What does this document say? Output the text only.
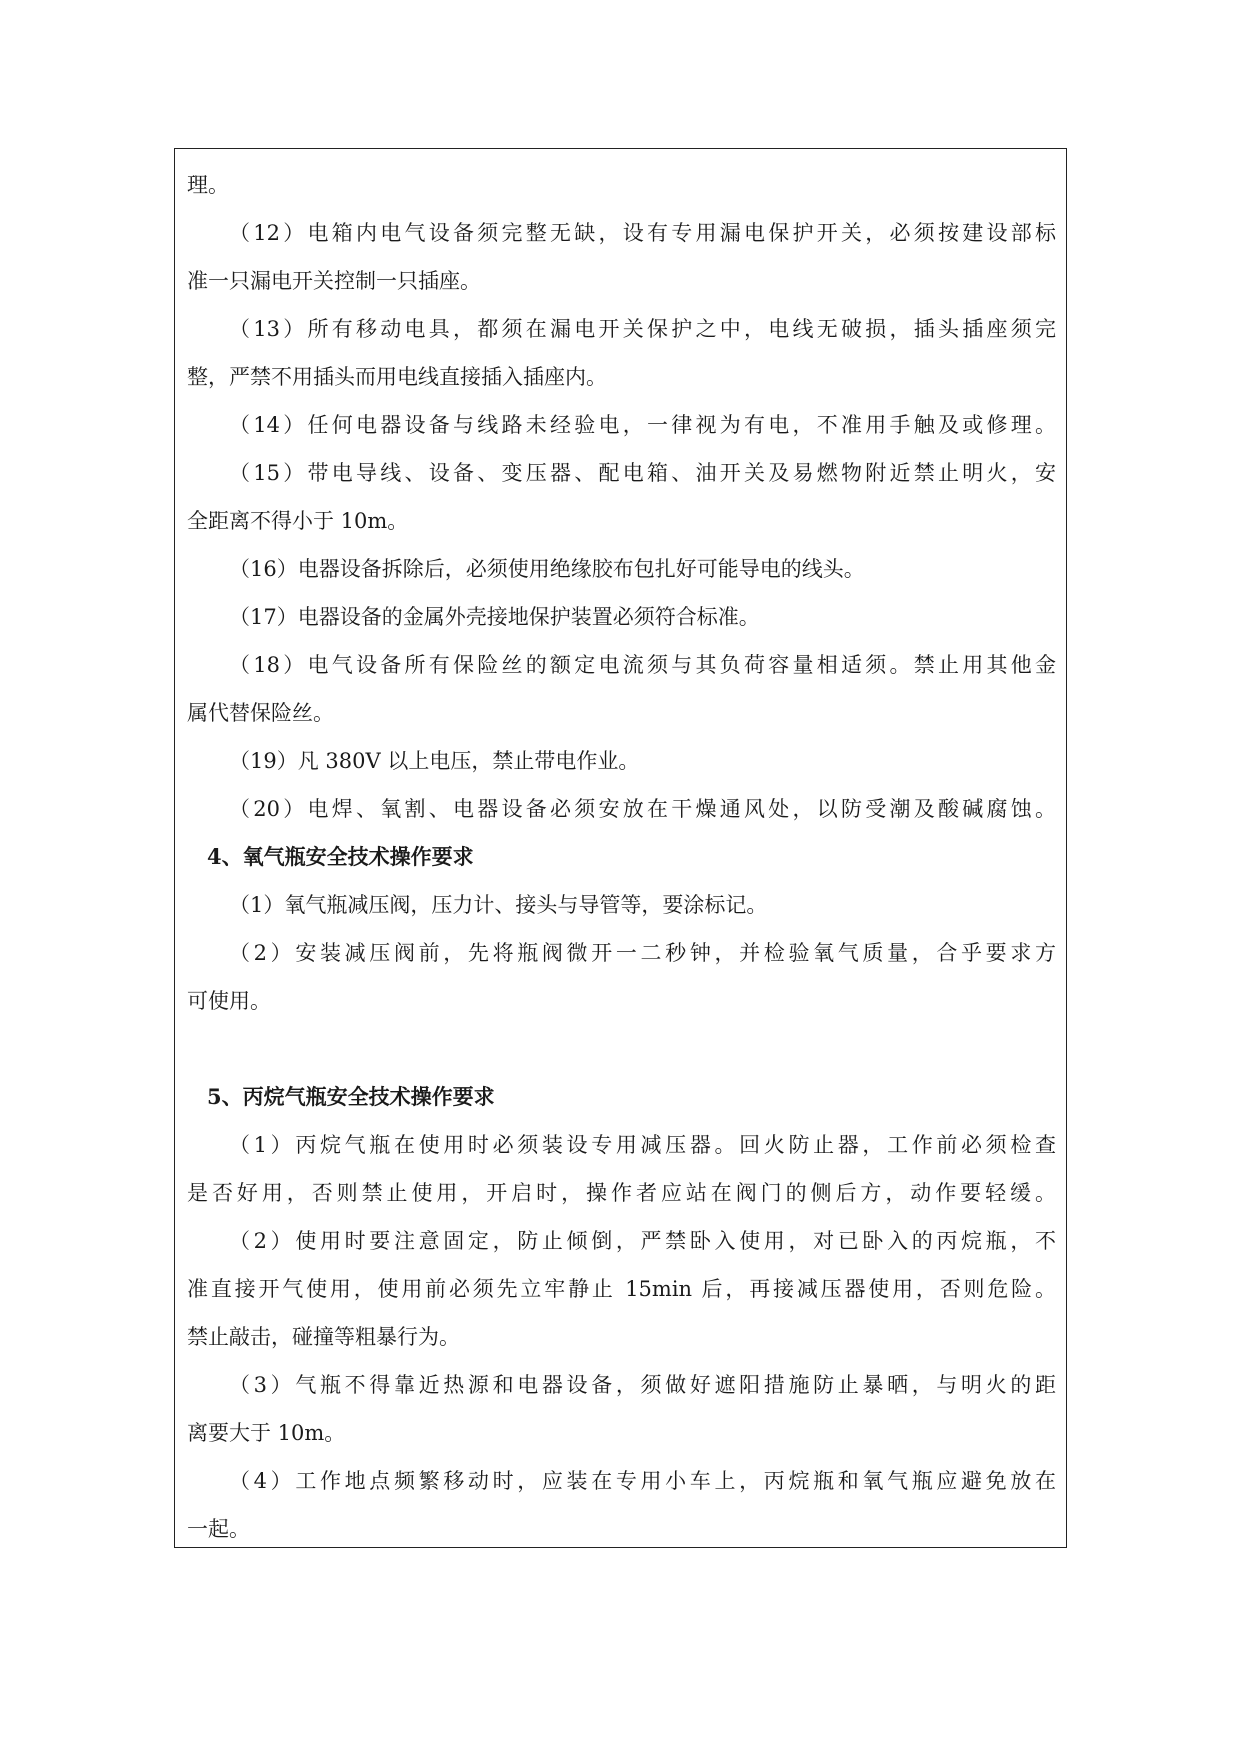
理。
（12）电箱内电气设备须完整无缺，设有专用漏电保护开关，必须按建设部标
准一只漏电开关控制一只插座。
（13）所有移动电具，都须在漏电开关保护之中，电线无破损，插头插座须完
整，严禁不用插头而用电线直接插入插座内。
（14）任何电器设备与线路未经验电，一律视为有电，不准用手触及或修理。
（15）带电导线、设备、变压器、配电箱、油开关及易燃物附近禁止明火，安
全距离不得小于 10m。
（16）电器设备拆除后，必须使用绝缘胶布包扎好可能导电的线头。
（17）电器设备的金属外壳接地保护装置必须符合标准。
（18）电气设备所有保险丝的额定电流须与其负荷容量相适须。禁止用其他金
属代替保险丝。
（19）凡 380V 以上电压，禁止带电作业。
（20）电焊、氧割、电器设备必须安放在干燥通风处，以防受潮及酸碱腐蚀。
4、氧气瓶安全技术操作要求
（1）氧气瓶减压阀，压力计、接头与导管等，要涂标记。
（2）安装减压阀前，先将瓶阀微开一二秒钟，并检验氧气质量，合乎要求方
可使用。
5、丙烷气瓶安全技术操作要求
（1）丙烷气瓶在使用时必须装设专用减压器。回火防止器，工作前必须检查
是否好用，否则禁止使用，开启时，操作者应站在阀门的侧后方，动作要轻缓。
（2）使用时要注意固定，防止倾倒，严禁卧入使用，对已卧入的丙烷瓶，不
准直接开气使用，使用前必须先立牢静止 15min 后，再接减压器使用，否则危险。
禁止敲击，碰撞等粗暴行为。
（3）气瓶不得靠近热源和电器设备，须做好遮阳措施防止暴晒，与明火的距
离要大于 10m。
（4）工作地点频繁移动时，应装在专用小车上，丙烷瓶和氧气瓶应避免放在
一起。
